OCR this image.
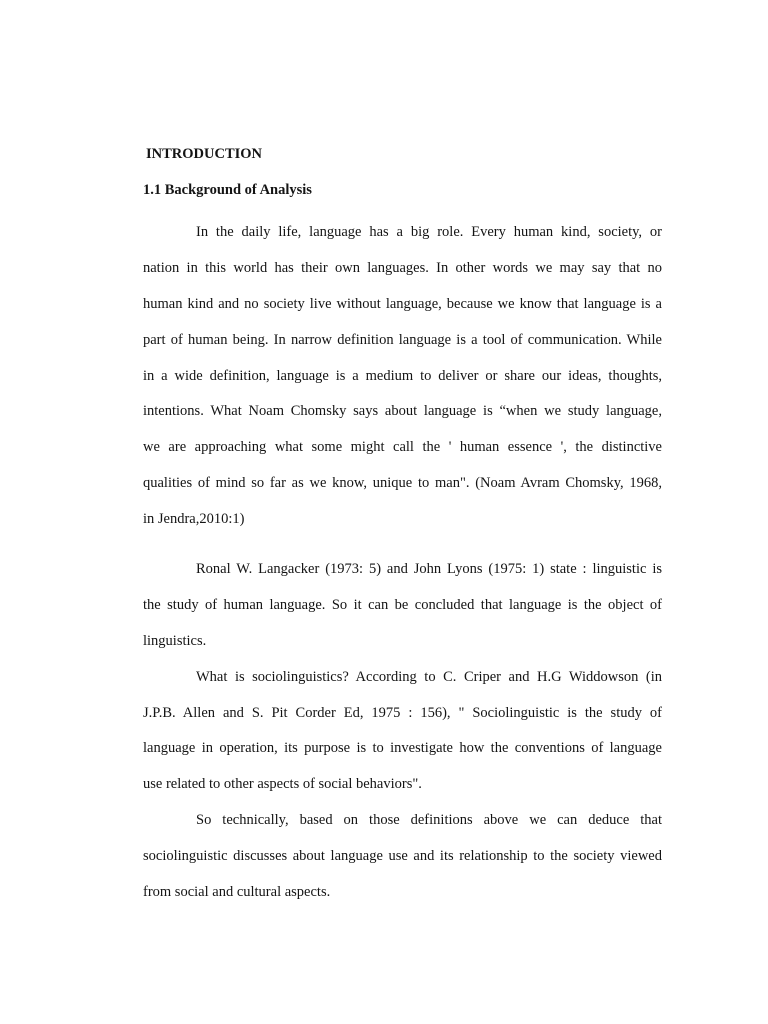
INTRODUCTION
1.1 Background of Analysis
In the daily life, language has a big role. Every human kind, society, or
nation in this world has their own languages. In other words we may say that no
human kind and no society live without language, because we know that language is a
part of human being. In narrow definition language is a tool of communication. While
in a wide definition, language is a medium to deliver or share our ideas, thoughts,
intentions. What Noam Chomsky says about language is “when we study language,
we are approaching what some might call the ' human essence ', the distinctive
qualities of mind so far as we know, unique to man". (Noam Avram Chomsky, 1968,
in Jendra,2010:1)
Ronal W. Langacker (1973: 5) and John Lyons (1975: 1) state : linguistic is
the study of human language. So it can be concluded that language is the object of
linguistics.
What is sociolinguistics? According to C. Criper and H.G Widdowson (in
J.P.B. Allen and S. Pit Corder Ed, 1975 : 156), " Sociolinguistic is the study of
language in operation, its purpose is to investigate how the conventions of language
use related to other aspects of social behaviors".
So technically, based on those definitions above we can deduce that
sociolinguistic discusses about language use and its relationship to the society viewed
from social and cultural aspects.
